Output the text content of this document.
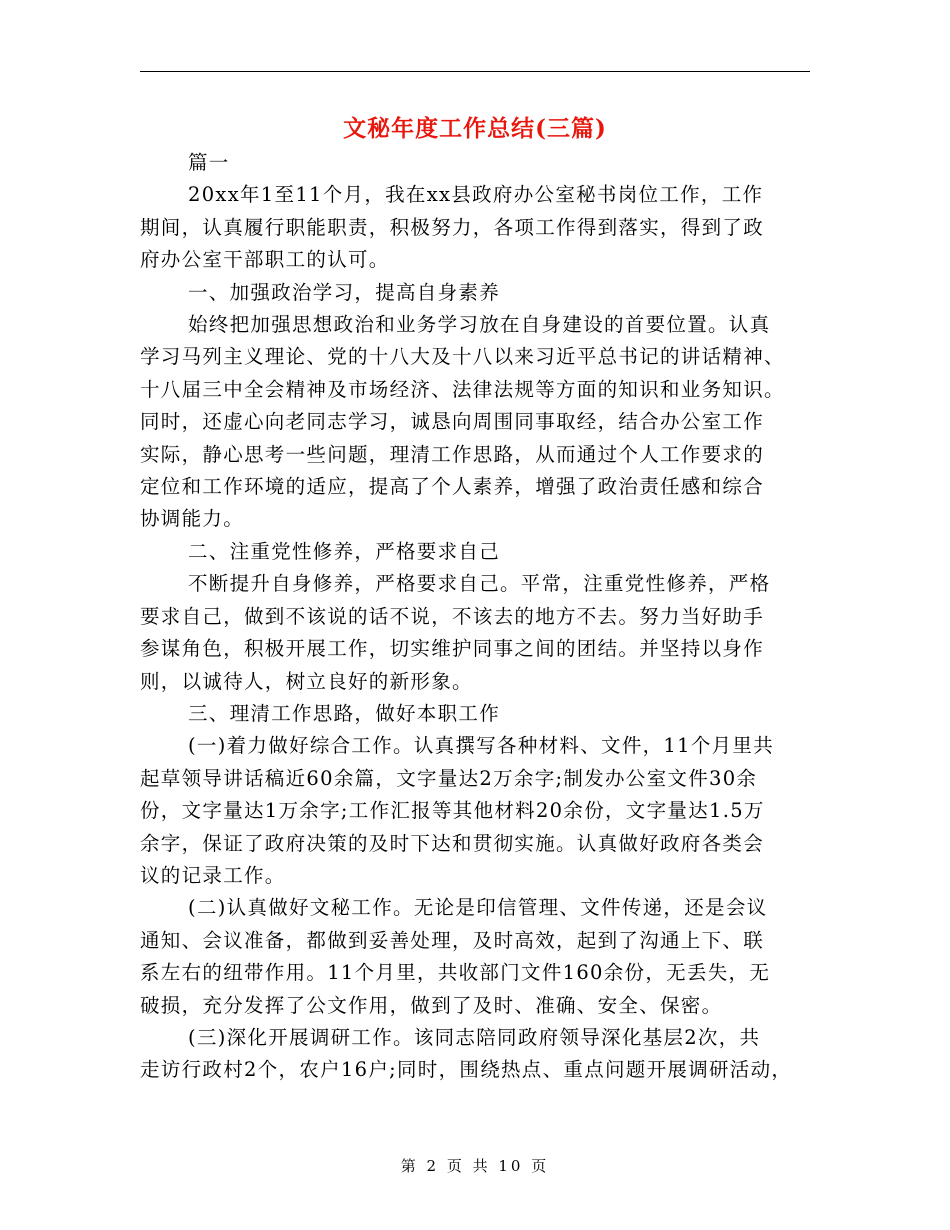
文秘年度工作总结(三篇)

篇一

20xx年1至11个月，我在xx县政府办公室秘书岗位工作，工作

期间，认真履行职能职责，积极努力，各项工作得到落实，得到了政

府办公室干部职工的认可。

一、加强政治学习，提高自身素养

始终把加强思想政治和业务学习放在自身建设的首要位置。认真

学习马列主义理论、党的十八大及十八以来习近平总书记的讲话精神、

十八届三中全会精神及市场经济、法律法规等方面的知识和业务知识。

同时，还虚心向老同志学习，诚恳向周围同事取经，结合办公室工作

实际，静心思考一些问题，理清工作思路，从而通过个人工作要求的

定位和工作环境的适应，提高了个人素养，增强了政治责任感和综合

协调能力。

二、注重党性修养，严格要求自己

不断提升自身修养，严格要求自己。平常，注重党性修养，严格

要求自己，做到不该说的话不说，不该去的地方不去。努力当好助手

参谋角色，积极开展工作，切实维护同事之间的团结。并坚持以身作

则，以诚待人，树立良好的新形象。

三、理清工作思路，做好本职工作

(一)着力做好综合工作。认真撰写各种材料、文件，11个月里共

起草领导讲话稿近60余篇，文字量达2万余字;制发办公室文件30余

份，文字量达1万余字;工作汇报等其他材料20余份，文字量达1.5万

余字，保证了政府决策的及时下达和贯彻实施。认真做好政府各类会

议的记录工作。

(二)认真做好文秘工作。无论是印信管理、文件传递，还是会议

通知、会议准备，都做到妥善处理，及时高效，起到了沟通上下、联

系左右的纽带作用。11个月里，共收部门文件160余份，无丢失，无

破损，充分发挥了公文作用，做到了及时、准确、安全、保密。

(三)深化开展调研工作。该同志陪同政府领导深化基层2次，共

走访行政村2个，农户16户;同时，围绕热点、重点问题开展调研活动，

第 2 页 共 10 页
